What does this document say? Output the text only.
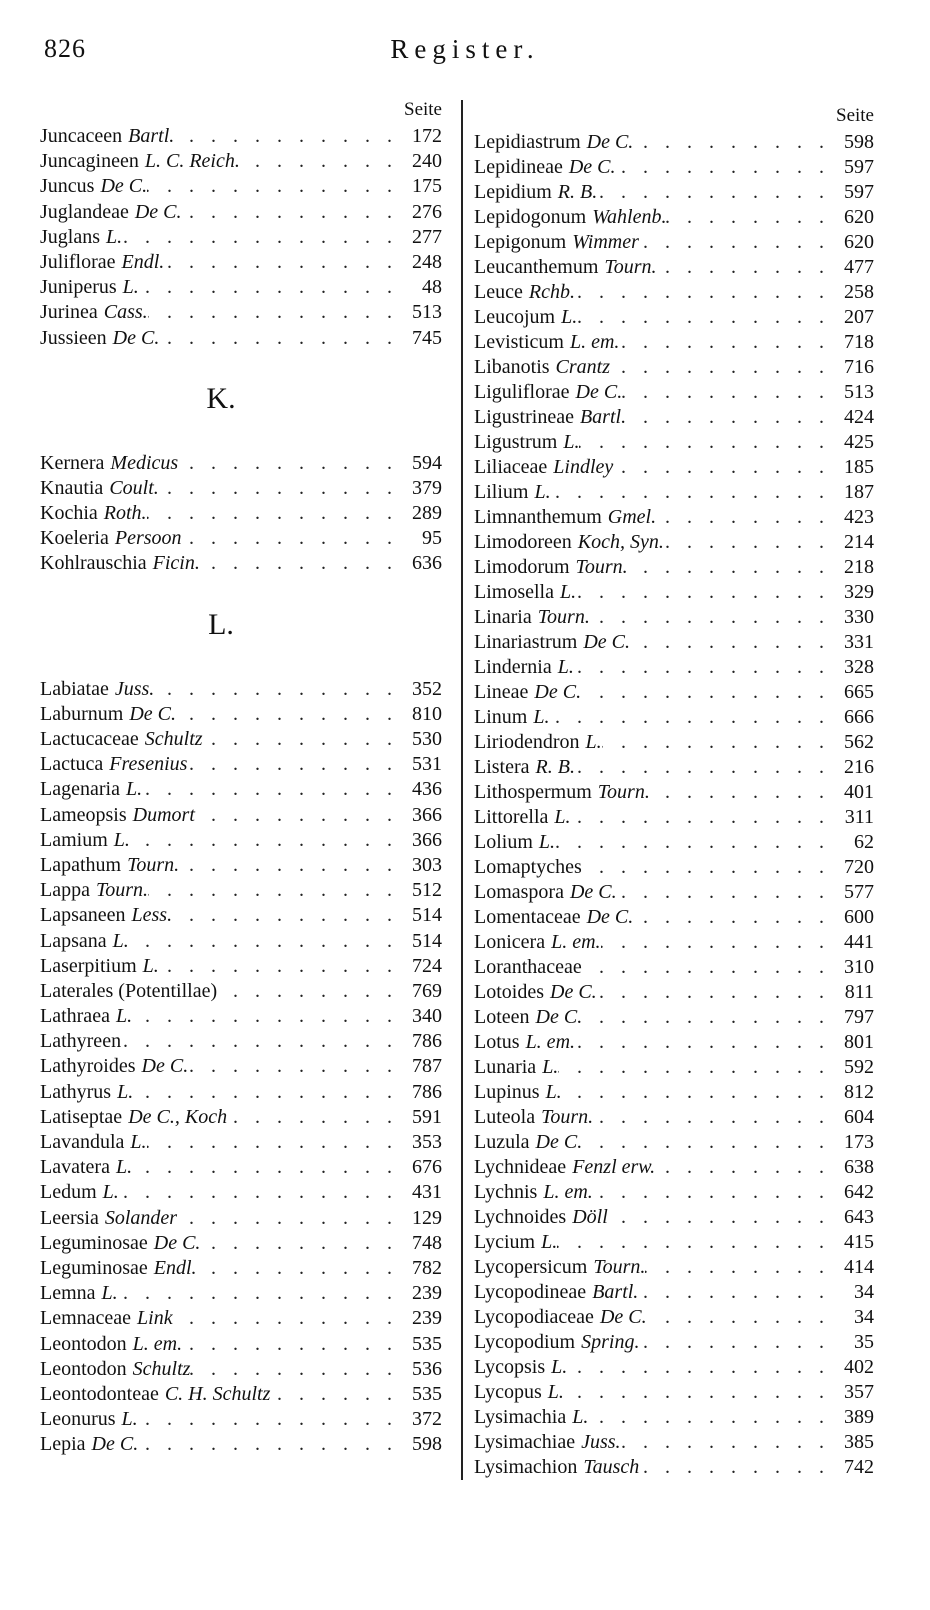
826	Register.
Seite
Juncaceen Bartl. . . .	172
Juncagineen L. C. Reich. . . .	240
Juncus De C. . . .	175
Juglandeae De C. . . .	276
Juglans L. . . .	277
Juliflorae Endl. . . .	248
Juniperus L. . . .	48
Jurinea Cass. . . .	513
Jussieen De C. . . .	745
K.
Kernera Medicus . . .	594
Knautia Coult. . . .	379
Kochia Roth. . . .	289
Koeleria Persoon . . .	95
Kohlrauschia Ficin. . . .	636
L.
Labiatae Juss. . . .	352
Laburnum De C. . . .	810
Lactucaceae Schultz . . .	530
Lactuca Fresenius . . .	531
Lagenaria L. . . .	436
Lameopsis Dumort . . .	366
Lamium L. . . .	366
Lapathum Tourn. . . .	303
Lappa Tourn. . . .	512
Lapsaneen Less. . . .	514
Lapsana L. . . .	514
Laserpitium L. . . .	724
Laterales (Potentillae) . . .	769
Lathraea L. . . .	340
Lathyreen . . .	786
Lathyroides De C. . . .	787
Lathyrus L. . . .	786
Latiseptae De C., Koch . . .	591
Lavandula L. . . .	353
Lavatera L. . . .	676
Ledum L. . . .	431
Leersia Solander . . .	129
Leguminosae De C. . . .	748
Leguminosae Endl. . . .	782
Lemna L. . . .	239
Lemnaceae Link . . .	239
Leontodon L. em. . . .	535
Leontodon Schultz . . .	536
Leontodonteae C. H. Schultz . . .	535
Leonurus L. . . .	372
Lepia De C. . . .	598
Seite
Lepidiastrum De C. . . .	598
Lepidineae De C. . . .	597
Lepidium R. B. . . .	597
Lepidogonum Wahlenb. . . .	620
Lepigonum Wimmer . . .	620
Leucanthemum Tourn. . . .	477
Leuce Rchb. . . .	258
Leucojum L. . . .	207
Levisticum L. em. . . .	718
Libanotis Crantz . . .	716
Liguliflorae De C. . . .	513
Ligustrineae Bartl. . . .	424
Ligustrum L. . . .	425
Liliaceae Lindley . . .	185
Lilium L. . . .	187
Limnanthemum Gmel. . . .	423
Limodoreen Koch, Syn. . . .	214
Limodorum Tourn. . . .	218
Limosella L. . . .	329
Linaria Tourn. . . .	330
Linariastrum De C. . . .	331
Lindernia L. . . .	328
Lineae De C. . . .	665
Linum L. . . .	666
Liriodendron L. . . .	562
Listera R. B. . . .	216
Lithospermum Tourn. . . .	401
Littorella L. . . .	311
Lolium L. . . .	62
Lomaptyches . . .	720
Lomaspora De C. . . .	577
Lomentaceae De C. . . .	600
Lonicera L. em. . . .	441
Loranthaceae . . .	310
Lotoides De C. . . .	811
Loteen De C. . . .	797
Lotus L. em. . . .	801
Lunaria L. . . .	592
Lupinus L. . . .	812
Luteola Tourn. . . .	604
Luzula De C. . . .	173
Lychnideae Fenzl erw. . . .	638
Lychnis L. em. . . .	642
Lychnoides Döll . . .	643
Lycium L. . . .	415
Lycopersicum Tourn. . . .	414
Lycopodineae Bartl. . . .	34
Lycopodiaceae De C. . . .	34
Lycopodium Spring. . . .	35
Lycopsis L. . . .	402
Lycopus L. . . .	357
Lysimachia L. . . .	389
Lysimachiae Juss. . . .	385
Lysimachion Tausch . . .	742
